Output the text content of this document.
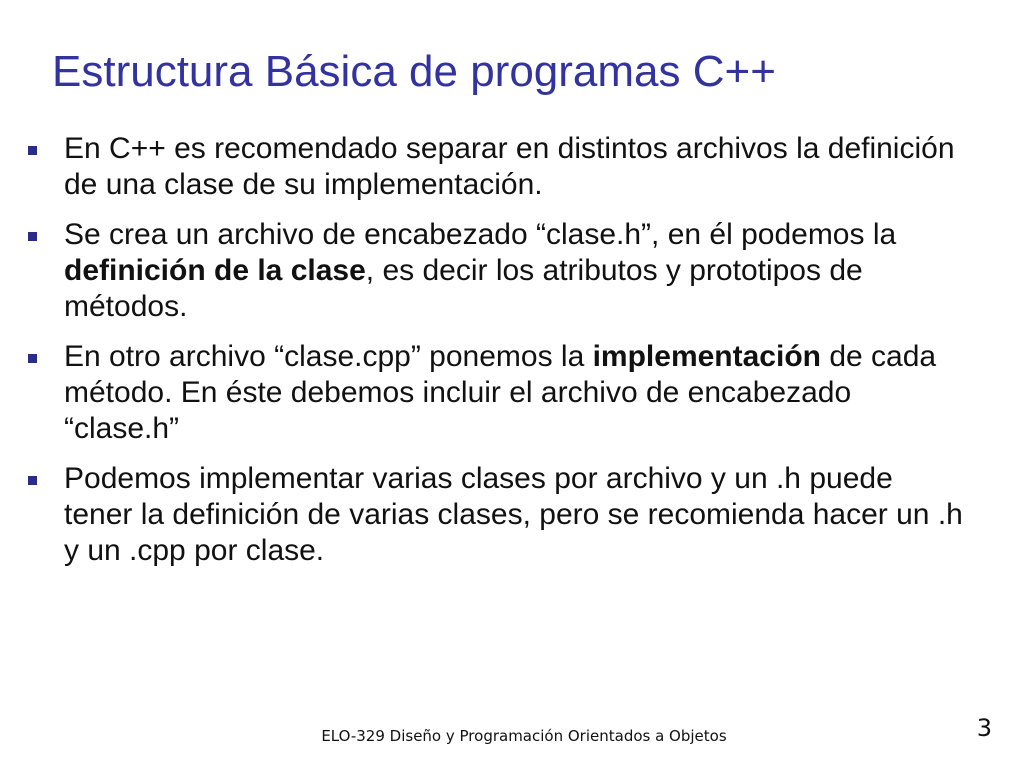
Estructura Básica de programas C++
En C++ es recomendado separar en distintos archivos la definición de una clase de su implementación.
Se crea un archivo de encabezado “clase.h”, en él podemos la definición de la clase, es decir los atributos y prototipos de métodos.
En otro archivo “clase.cpp” ponemos la implementación de cada método. En éste debemos incluir el archivo de encabezado “clase.h”
Podemos implementar varias clases por archivo y un .h puede tener la definición de varias clases, pero se recomienda hacer un .h y un .cpp por clase.
ELO-329 Diseño y Programación Orientados a Objetos	3
